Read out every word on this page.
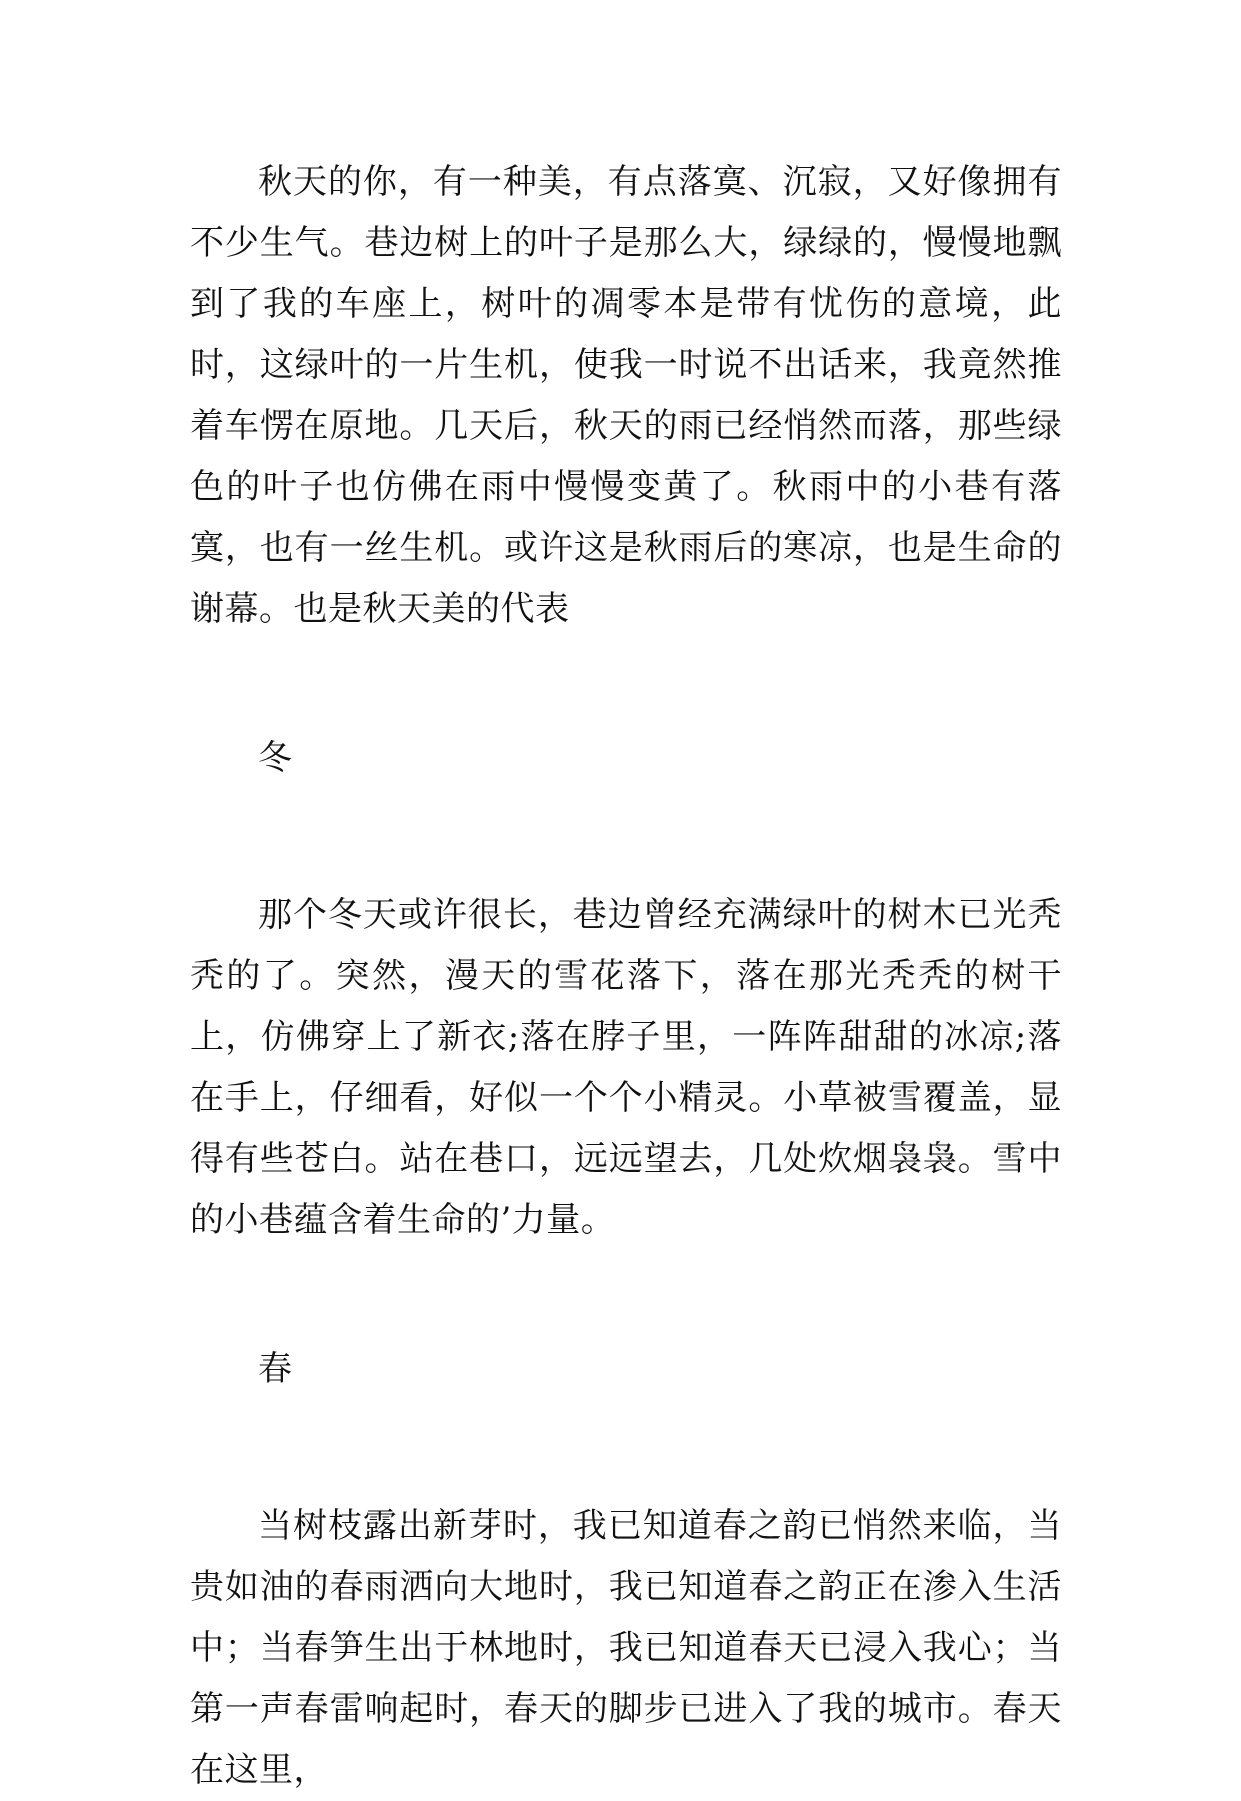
秋天的你，有一种美，有点落寞、沉寂，又好像拥有不少生气。巷边树上的叶子是那么大，绿绿的，慢慢地飘到了我的车座上，树叶的凋零本是带有忧伤的意境，此时，这绿叶的一片生机，使我一时说不出话来，我竟然推着车愣在原地。几天后，秋天的雨已经悄然而落，那些绿色的叶子也仿佛在雨中慢慢变黄了。秋雨中的小巷有落寞，也有一丝生机。或许这是秋雨后的寒凉，也是生命的谢幕。也是秋天美的代表

冬

那个冬天或许很长，巷边曾经充满绿叶的树木已光秃秃的了。突然，漫天的雪花落下，落在那光秃秃的树干上，仿佛穿上了新衣;落在脖子里，一阵阵甜甜的冰凉;落在手上，仔细看，好似一个个小精灵。小草被雪覆盖，显得有些苍白。站在巷口，远远望去，几处炊烟袅袅。雪中的小巷蕴含着生命的’力量。

春

当树枝露出新芽时，我已知道春之韵已悄然来临，当贵如油的春雨洒向大地时，我已知道春之韵正在渗入生活中；当春笋生出于林地时，我已知道春天已浸入我心；当第一声春雷响起时，春天的脚步已进入了我的城市。春天在这里，
